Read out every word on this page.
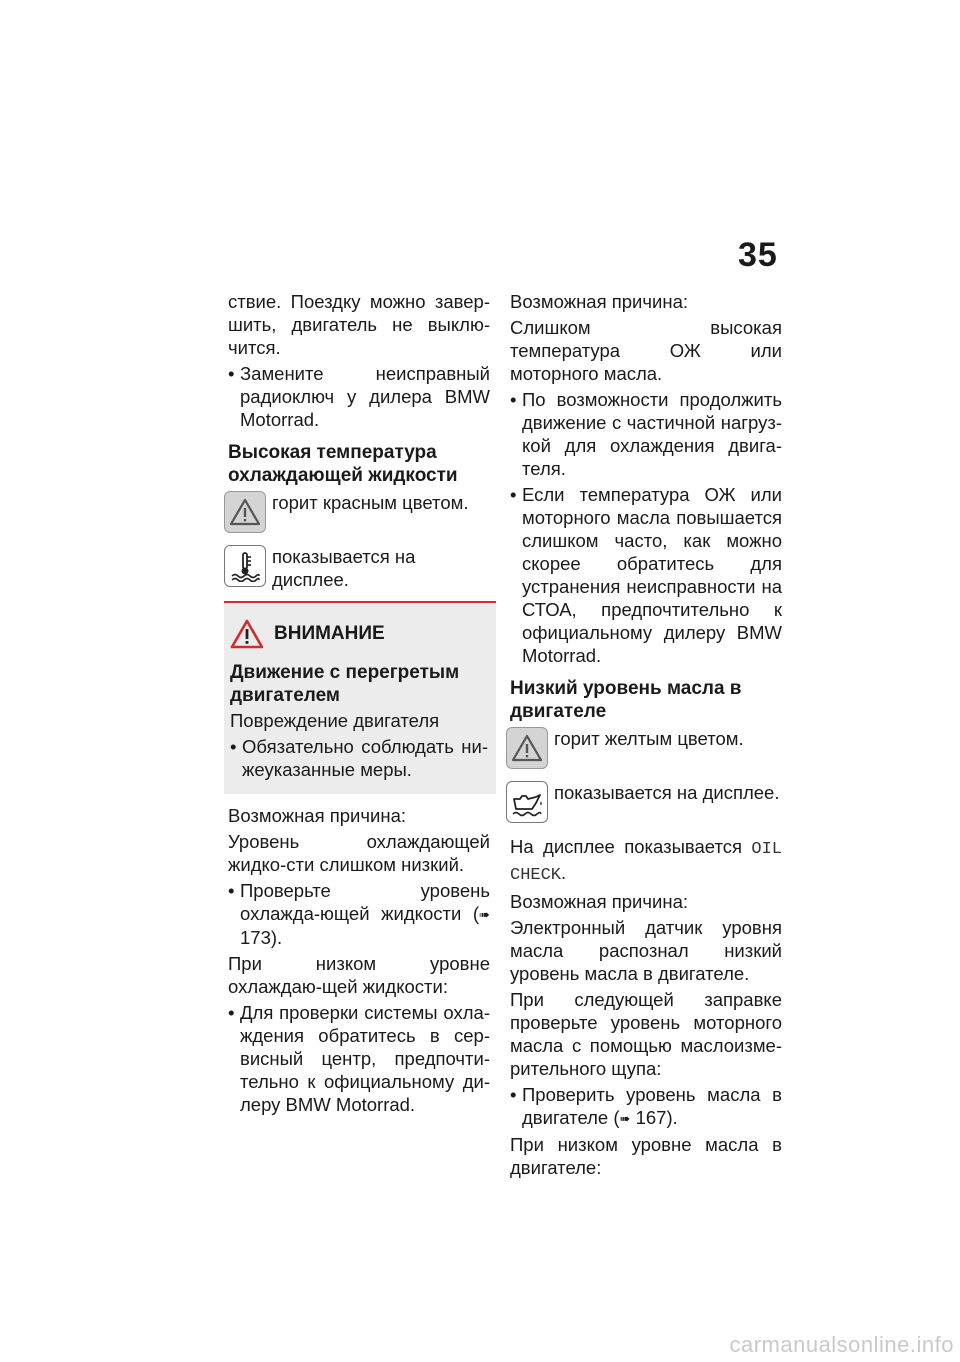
35

ствие. Поездку можно завер-шить, двигатель не выклю-чится.

• Замените неисправный радиоключ у дилера BMW Motorrad.

Высокая температура охлаждающей жидкости
горит красным цветом.
показывается на дисплее.
ВНИМАНИЕ

Движение с перегретым двигателем

Повреждение двигателя

• Обязательно соблюдать ни-жеуказанные меры.

Возможная причина:

Уровень охлаждающей жидко-сти слишком низкий.

• Проверьте уровень охлажда-ющей жидкости (➠ 173).

При низком уровне охлаждаю-щей жидкости:

• Для проверки системы охла-ждения обратитесь в сер-висный центр, предпочти-тельно к официальному ди-леру BMW Motorrad.

Возможная причина:

Слишком высокая температура ОЖ или моторного масла.

• По возможности продолжить движение с частичной нагруз-кой для охлаждения двига-теля.

• Если температура ОЖ или моторного масла повышается слишком часто, как можно скорее обратитесь для устранения неисправности на СТОА, предпочтительно к официальному дилеру BMW Motorrad.

Низкий уровень масла в двигателе
горит желтым цветом.
показывается на дисплее.

На дисплее показывается OIL CHECK.

Возможная причина:

Электронный датчик уровня масла распознал низкий уровень масла в двигателе.

При следующей заправке проверьте уровень моторного масла с помощью маслоизме-рительного щупа:

• Проверить уровень масла в двигателе (➠ 167).

При низком уровне масла в двигателе:

carmanualsonline.info
